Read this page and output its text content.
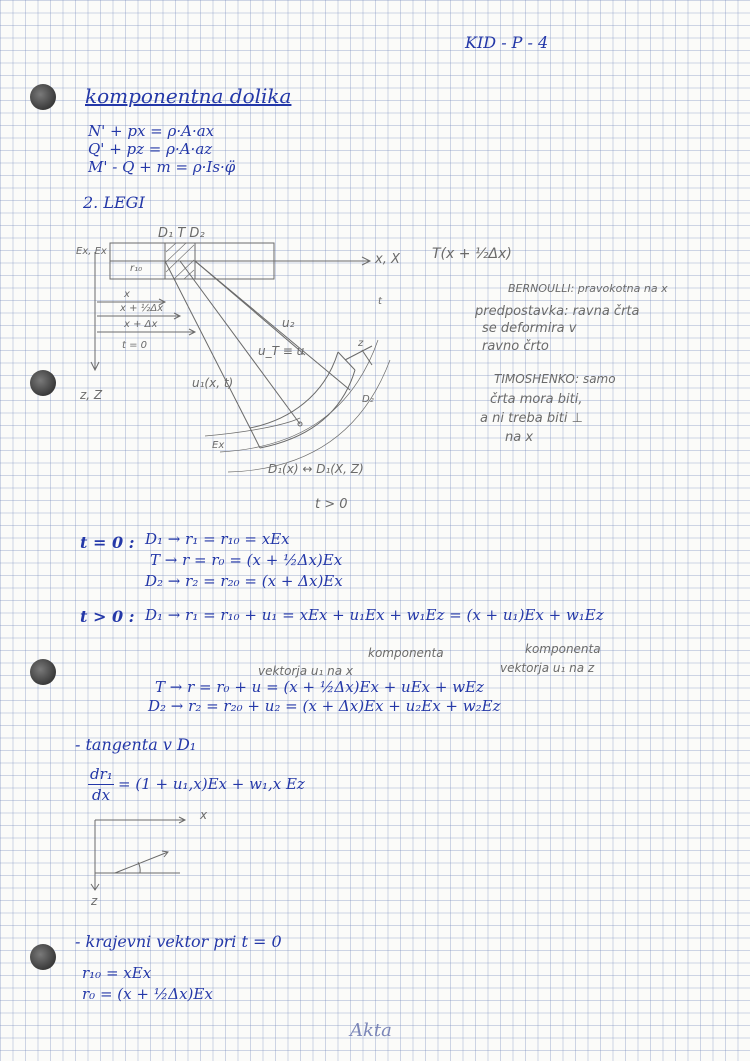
KID - P - 4
komponentna dolika
N' + px = ρ·A·ax
Q' + pz = ρ·A·az
M' - Q + m = ρ·Is·φ̈
2. LEGI
D₁ T D₂
x, X T(x + ½Δx)
Ex, Ex
r₁₀
x
x + ½Δx
x + Δx
t = 0
z, Z
u₂
u_T ≡ u
u₁(x, t)
t
z
D₂
Ex
D₁(x) ↔ D₁(X, Z)
t > 0
BERNOULLI: pravokotna na x
predpostavka: ravna črta
se deformira v
ravno črto
TIMOSHENKO: samo
črta mora biti,
a ni treba biti ⊥
na x
t = 0 : D₁ → r₁ = r₁₀ = xEx
T → r = r₀ = (x + ½Δx)Ex
D₂ → r₂ = r₂₀ = (x + Δx)Ex
t > 0 : D₁ → r₁ = r₁₀ + u₁ = xEx + u₁Ex + w₁Ez = (x + u₁)Ex + w₁Ez
komponenta
vektorja u₁ na x
komponenta
vektorja u₁ na z
T → r = r₀ + u = (x + ½Δx)Ex + uEx + wEz
D₂ → r₂ = r₂₀ + u₂ = (x + Δx)Ex + u₂Ex + w₂Ez
- tangenta v D₁
dr₁
dx
= (1 + u₁,x)Ex + w₁,x Ez
x
z
- krajevni vektor pri t = 0
r₁₀ = xEx
r₀ = (x + ½Δx)Ex
Akta
